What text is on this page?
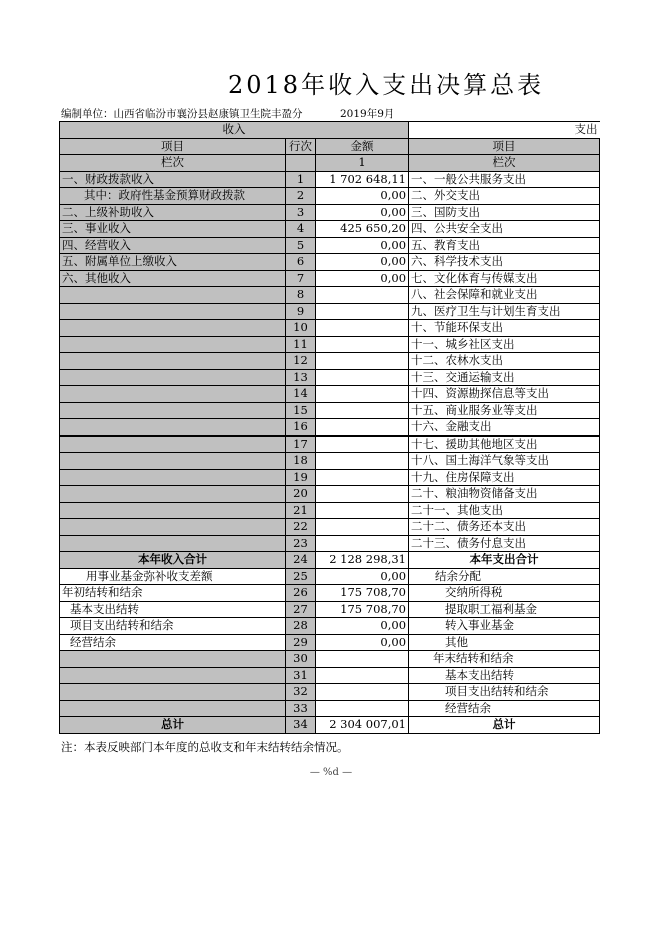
2018年收入支出决算总表
编制单位：山西省临汾市襄汾县赵康镇卫生院丰盈分	2019年9月
收入			支出
项目	行次	金额	项目
栏次		1	栏次
一、财政拨款收入	1	1 702 648,11	一、一般公共服务支出
其中：政府性基金预算财政拨款	2	0,00	二、外交支出
二、上级补助收入	3	0,00	三、国防支出
三、事业收入	4	425 650,20	四、公共安全支出
四、经营收入	5	0,00	五、教育支出
五、附属单位上缴收入	6	0,00	六、科学技术支出
六、其他收入	7	0,00	七、文化体育与传媒支出
	8		八、社会保障和就业支出
	9		九、医疗卫生与计划生育支出
	10		十、节能环保支出
	11		十一、城乡社区支出
	12		十二、农林水支出
	13		十三、交通运输支出
	14		十四、资源勘探信息等支出
	15		十五、商业服务业等支出
	16		十六、金融支出
	17		十七、援助其他地区支出
	18		十八、国土海洋气象等支出
	19		十九、住房保障支出
	20		二十、粮油物资储备支出
	21		二十一、其他支出
	22		二十二、债务还本支出
	23		二十三、债务付息支出
本年收入合计	24	2 128 298,31	本年支出合计
用事业基金弥补收支差额	25	0,00	结余分配
年初结转和结余	26	175 708,70	交纳所得税
基本支出结转	27	175 708,70	提取职工福利基金
项目支出结转和结余	28	0,00	转入事业基金
经营结余	29	0,00	其他
	30		年末结转和结余
	31		基本支出结转
	32		项目支出结转和结余
	33		经营结余
总计	34	2 304 007,01	总计
注：本表反映部门本年度的总收支和年末结转结余情况。
— %d —
